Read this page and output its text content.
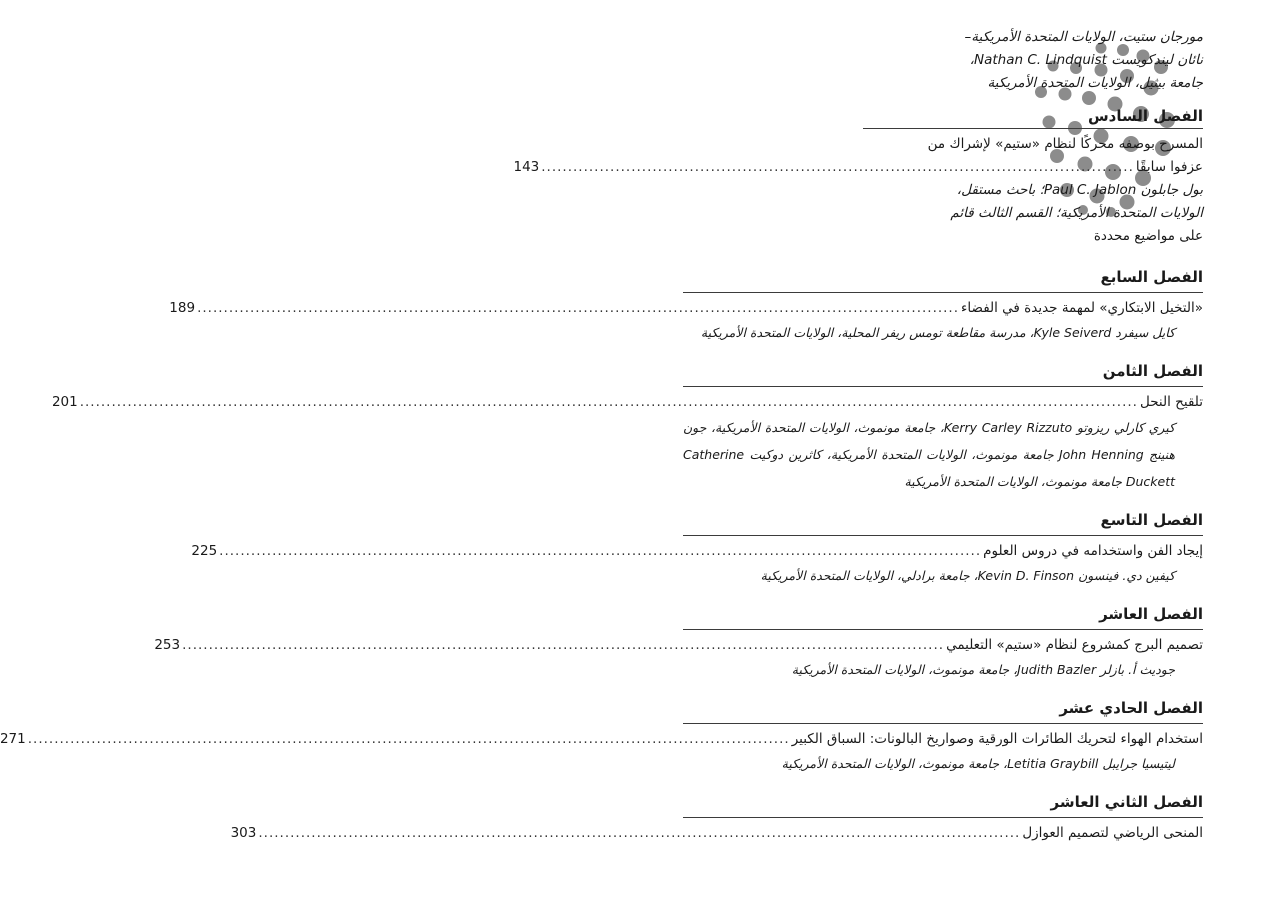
مورجان ستيت، الولايات المتحدة الأمريكية–
نائان ليندكويست Nathan C. Lindquist،
جامعة بيثيل، الولايات المتحدة الأمريكية
الفصل السادس
المسرح بوصفه محركًا لنظام «ستيم» لإشراك من
عزفوا سابقًا
................................................................................................................
143
بول جابلون Paul C. Jablon؛ باحث مستقل،
الولايات المتحدة الأمريكية؛ القسم الثالث قائم
على مواضيع محددة
الفصل السابع
«التخيل الابتكاري» لمهمة جديدة في الفضاء
................................................................................................................................................
189
كايل سيفرد Kyle Seiverd، مدرسة مقاطعة تومس ريفر المحلية، الولايات المتحدة الأمريكية
الفصل الثامن
تلقيح النحل
........................................................................................................................................................................................................
201
كيري كارلي ريزوتو Kerry Carley Rizzuto، جامعة مونموث، الولايات المتحدة الأمريكية، جون هنينج John Henning جامعة مونموث، الولايات المتحدة الأمريكية، كاثرين دوكيت Catherine Duckett جامعة مونموث، الولايات المتحدة الأمريكية
الفصل التاسع
إيجاد الفن واستخدامه في دروس العلوم
................................................................................................................................................
225
كيفين دي. فينسون Kevin D. Finson، جامعة برادلي، الولايات المتحدة الأمريكية
الفصل العاشر
تصميم البرج كمشروع لنظام «ستيم» التعليمي
................................................................................................................................................
253
جوديث أ. بازلر Judith Bazler، جامعة مونموث، الولايات المتحدة الأمريكية
الفصل الحادي عشر
استخدام الهواء لتحريك الطائرات الورقية وصواريخ البالونات: السباق الكبير
................................................................................................................................................
271
ليتيسيا جرايبل Letitia Graybill، جامعة مونموث، الولايات المتحدة الأمريكية
الفصل الثاني العاشر
المنحى الرياضي لتصميم العوازل
................................................................................................................................................
303
